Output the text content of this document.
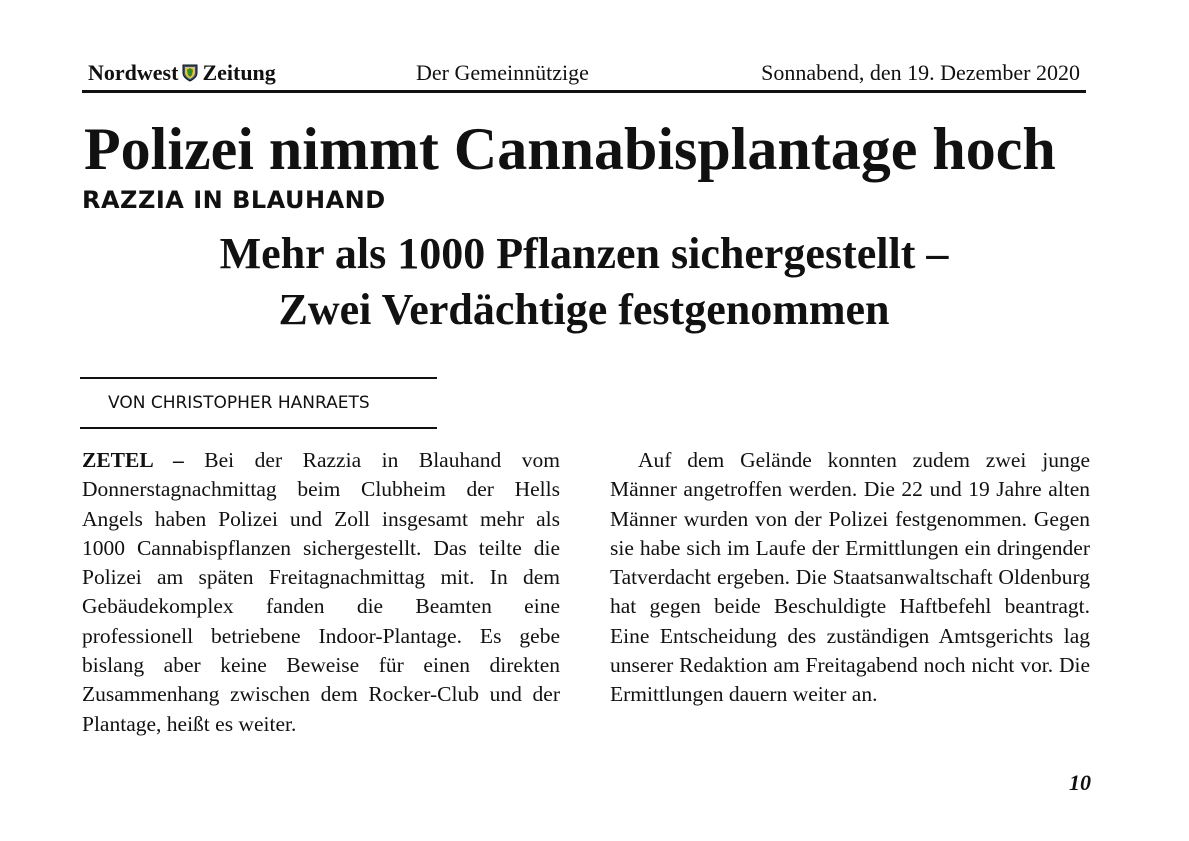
Nordwest Zeitung	Der Gemeinnützige	Sonnabend, den 19. Dezember 2020
Polizei nimmt Cannabisplantage hoch
RAZZIA IN BLAUHAND
Mehr als 1000 Pflanzen sichergestellt –
Zwei Verdächtige festgenommen
VON CHRISTOPHER HANRAETS
ZETEL – Bei der Razzia in Blauhand vom Donnerstagnachmittag beim Clubheim der Hells Angels haben Polizei und Zoll insgesamt mehr als 1000 Cannabispflanzen sichergestellt. Das teilte die Polizei am späten Freitagnachmittag mit. In dem Gebäudekomplex fanden die Beamten eine professionell betriebene Indoor-Plantage. Es gebe bislang aber keine Beweise für einen direkten Zusammenhang zwischen dem Rocker-Club und der Plantage, heißt es weiter.
Auf dem Gelände konnten zudem zwei junge Männer angetroffen werden. Die 22 und 19 Jahre alten Männer wurden von der Polizei festgenommen. Gegen sie habe sich im Laufe der Ermittlungen ein dringender Tatverdacht ergeben. Die Staatsanwaltschaft Oldenburg hat gegen beide Beschuldigte Haftbefehl beantragt. Eine Entscheidung des zuständigen Amtsgerichts lag unserer Redaktion am Freitagabend noch nicht vor. Die Ermittlungen dauern weiter an.
10
